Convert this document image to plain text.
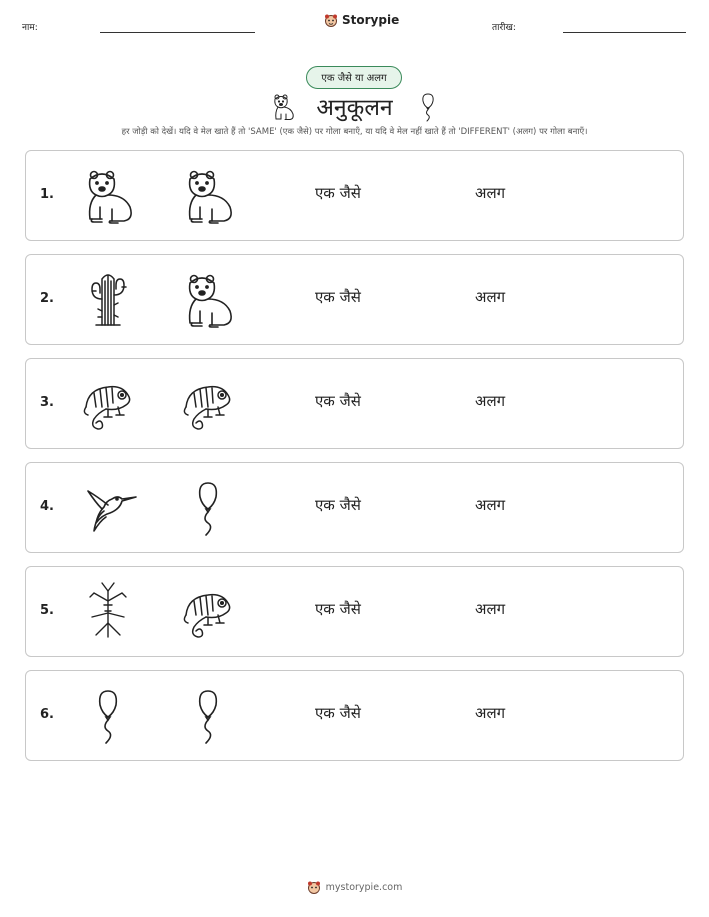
नाम:
Storypie
तारीख:
एक जैसे या अलग
अनुकूलन
हर जोड़ी को देखें। यदि वे मेल खाते हैं तो 'SAME' (एक जैसे) पर गोला बनाएँ, या यदि वे मेल नहीं खाते हैं तो 'DIFFERENT' (अलग) पर गोला बनाएँ।
1.	एक जैसे	अलग
2.	एक जैसे	अलग
3.	एक जैसे	अलग
4.	एक जैसे	अलग
5.	एक जैसे	अलग
6.	एक जैसे	अलग
mystorypie.com
